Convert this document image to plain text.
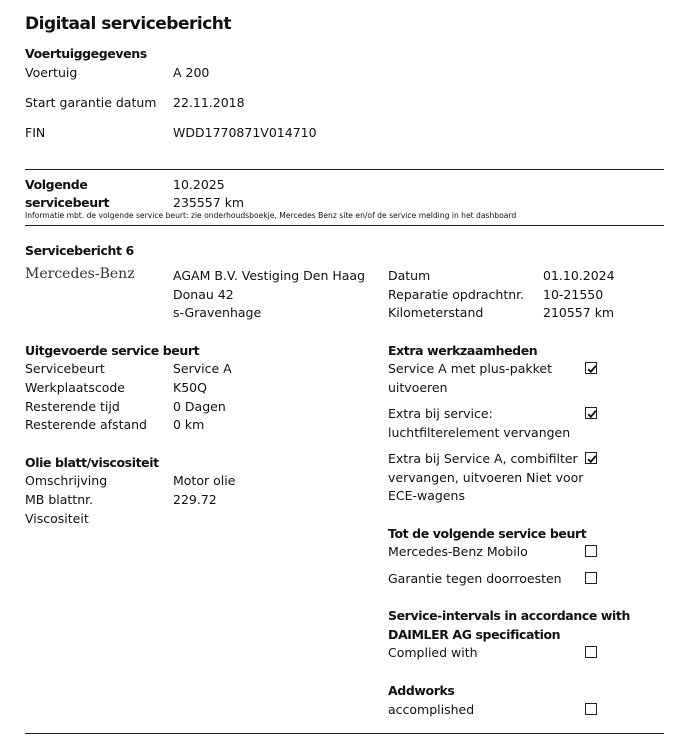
Digitaal servicebericht
Voertuiggegevens
Voertuig	A 200
Start garantie datum 22.11.2018
FIN	WDD1770871V014710
Volgende
servicebeurt
10.2025
235557 km
Informatie mbt. de volgende service beurt: zie onderhoudsboekje, Mercedes Benz site en/of de service melding in het dashboard
Servicebericht 6
Mercedes-Benz	AGAM B.V. Vestiging Den Haag
Donau 42
s-Gravenhage
Datum	01.10.2024
Reparatie opdrachtnr. 10-21550
Kilometerstand	210557 km
Uitgevoerde service beurt
Servicebeurt	Service A
Werkplaatscode	K50Q
Resterende tijd	0 Dagen
Resterende afstand 0 km
Olie blatt/viscositeit
Omschrijving	Motor olie
MB blattnr.	229.72
Viscositeit
Extra werkzaamheden
Service A met plus-pakket
uitvoeren
Extra bij service:
luchtfilterelement vervangen
Extra bij Service A, combifilter
vervangen, uitvoeren Niet voor
ECE-wagens
Tot de volgende service beurt
Mercedes-Benz Mobilo
Garantie tegen doorroesten
Service-intervals in accordance with
DAIMLER AG specification
Complied with
Addworks
accomplished
